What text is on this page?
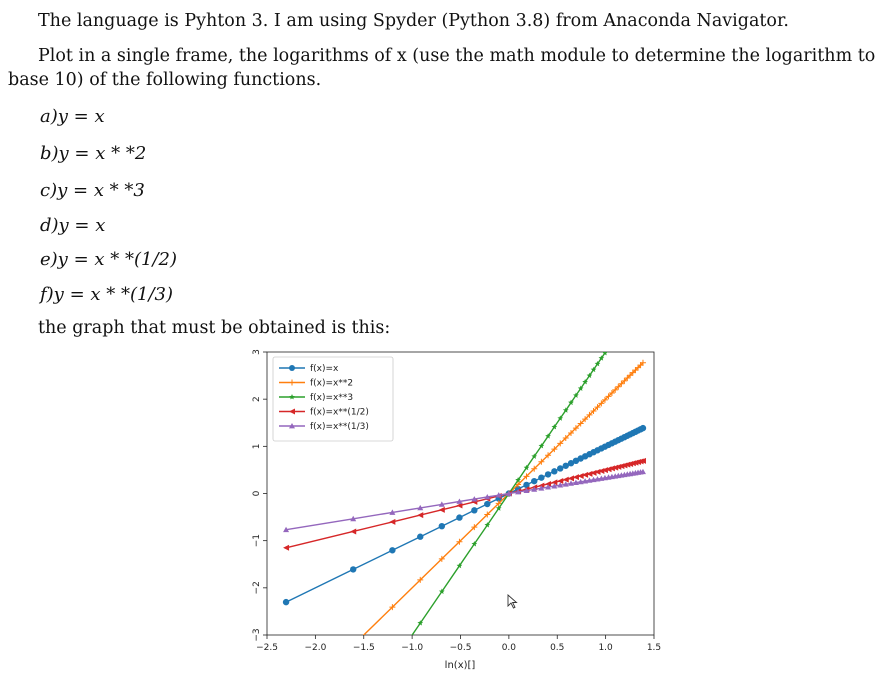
The language is Pyhton 3. I am using Spyder (Python 3.8) from Anaconda Navigator.
Plot in a single frame, the logarithms of x (use the math module to determine the logarithm to base 10) of the following functions.
a)y = x
b)y = x * *2
c)y = x * *3
d)y = x
e)y = x * *(1/2)
f)y = x * *(1/3)
the graph that must be obtained is this:
−2.5	−2.0	−1.5	−1.0	−0.5	0.0	0.5	1.0	1.5
3
2
1
0
−1
−2
−3
f(x)=x
f(x)=x**2
f(x)=x**3
f(x)=x**(1/2)
f(x)=x**(1/3)
ln(x)[]
